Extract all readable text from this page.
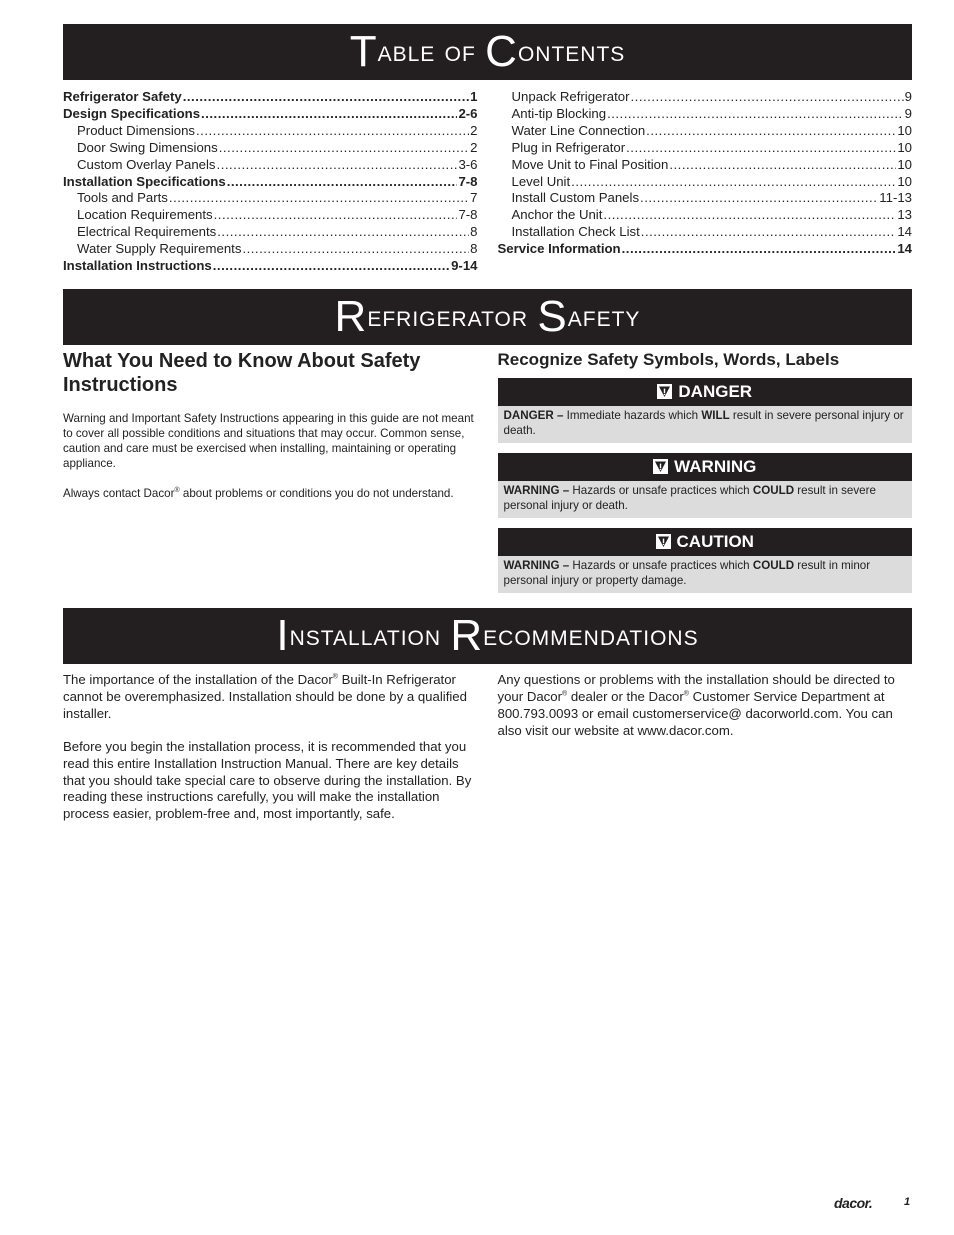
T able of
C ontents
Refrigerator Safety .....	1
Design Specifications .....	2-6
Product Dimensions .....	2
Door Swing Dimensions .....	2
Custom Overlay Panels .....	3-6
Installation Specifications .....	7-8
Tools and Parts .....	7
Location Requirements .....	7-8
Electrical Requirements .....	8
Water Supply Requirements .....	8
Installation Instructions .....	9-14
Unpack Refrigerator .....	9
Anti-tip Blocking .....	9
Water Line Connection .....	10
Plug in Refrigerator .....	10
Move Unit to Final Position .....	10
Level Unit .....	10
Install Custom Panels .....	11-13
Anchor the Unit .....	13
Installation Check List .....	14
Service Information .....	14
R efrigerator
S afety
What You Need to Know About Safety Instructions

Warning and Important Safety Instructions appearing in this guide are not meant to cover all possible conditions and situations that may occur. Common sense, caution and care must be exercised when installing, maintaining or operating appliance.

Always contact Dacor® about problems or conditions you do not understand.

Recognize Safety Symbols, Words, Labels
DANGER
DANGER – Immediate hazards which WILL result in severe personal injury or death.
WARNING
WARNING – Hazards or unsafe practices which COULD result in severe personal injury or death.
CAUTION
WARNING – Hazards or unsafe practices which COULD result in minor personal injury or property damage.
I nstallation
R ecommendations

The importance of the installation of the Dacor® Built-In Refrigerator cannot be overemphasized. Installation should be done by a qualified installer.

Before you begin the installation process, it is recommended that you read this entire Installation Instruction Manual. There are key details that you should take special care to observe during the installation. By reading these instructions carefully, you will make the installation process easier, problem-free and, most importantly, safe.

Any questions or problems with the installation should be directed to your Dacor® dealer or the Dacor® Customer Service Department at 800.793.0093 or email customerservice@ dacorworld.com. You can also visit our website at www.dacor.com.

dacor.	1
